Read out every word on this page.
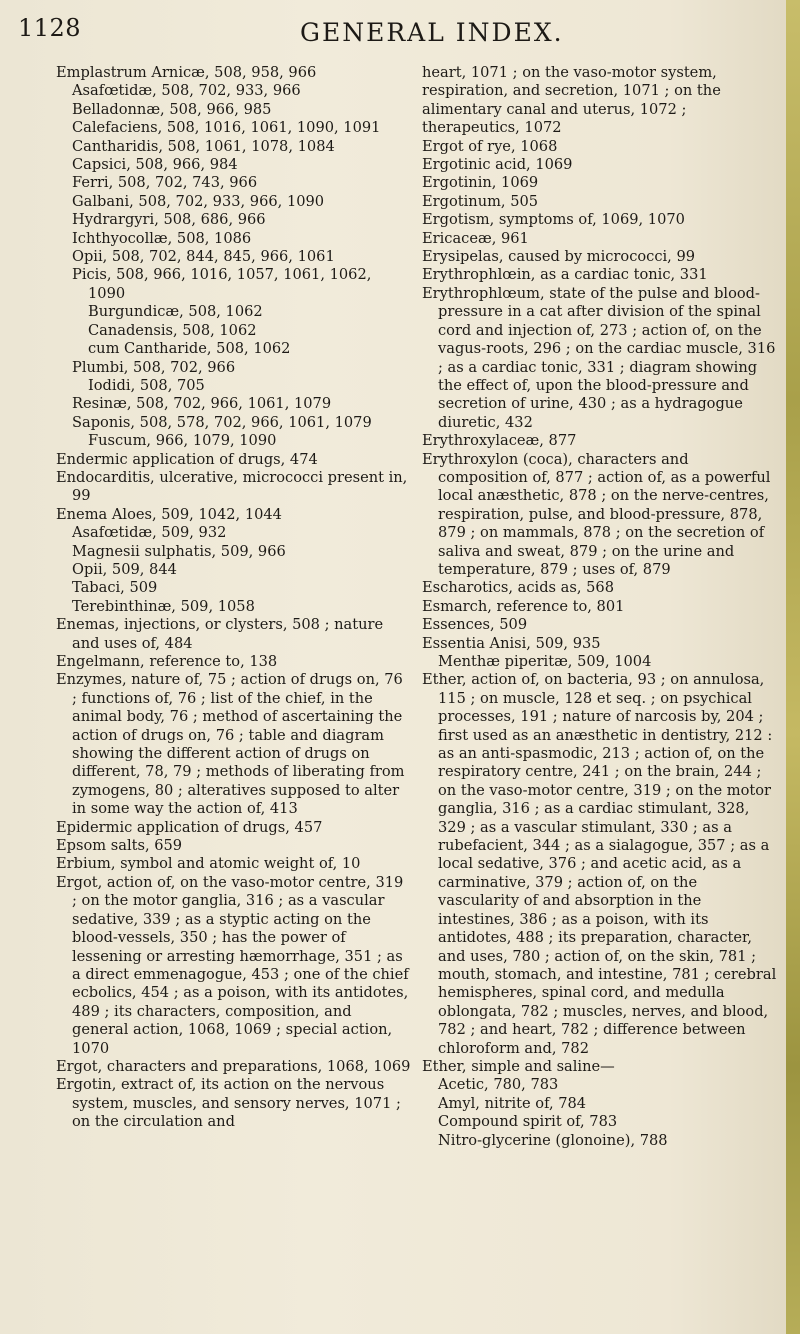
1128	GENERAL INDEX.
Emplastrum Arnicæ, 508, 958, 966
Asafœtidæ, 508, 702, 933, 966
Belladonnæ, 508, 966, 985
Calefaciens, 508, 1016, 1061, 1090, 1091
Cantharidis, 508, 1061, 1078, 1084
Capsici, 508, 966, 984
Ferri, 508, 702, 743, 966
Galbani, 508, 702, 933, 966, 1090
Hydrargyri, 508, 686, 966
Ichthyocollæ, 508, 1086
Opii, 508, 702, 844, 845, 966, 1061
Picis, 508, 966, 1016, 1057, 1061, 1062, 1090
Burgundicæ, 508, 1062
Canadensis, 508, 1062
cum Cantharide, 508, 1062
Plumbi, 508, 702, 966
Iodidi, 508, 705
Resinæ, 508, 702, 966, 1061, 1079
Saponis, 508, 578, 702, 966, 1061, 1079
Fuscum, 966, 1079, 1090
Endermic application of drugs, 474
Endocarditis, ulcerative, micrococci present in, 99
Enema Aloes, 509, 1042, 1044
Asafœtidæ, 509, 932
Magnesii sulphatis, 509, 966
Opii, 509, 844
Tabaci, 509
Terebinthinæ, 509, 1058
Enemas, injections, or clysters, 508 ; nature and uses of, 484
Engelmann, reference to, 138
Enzymes, nature of, 75 ; action of drugs on, 76 ; functions of, 76 ; list of the chief, in the animal body, 76 ; method of ascertaining the action of drugs on, 76 ; table and diagram showing the different action of drugs on different, 78, 79 ; methods of liberating from zymogens, 80 ; alteratives supposed to alter in some way the action of, 413
Epidermic application of drugs, 457
Epsom salts, 659
Erbium, symbol and atomic weight of, 10
Ergot, action of, on the vaso-motor centre, 319 ; on the motor ganglia, 316 ; as a vascular sedative, 339 ; as a styptic acting on the blood-vessels, 350 ; has the power of lessening or arresting hæmorrhage, 351 ; as a direct emmenagogue, 453 ; one of the chief ecbolics, 454 ; as a poison, with its antidotes, 489 ; its characters, composition, and general action, 1068, 1069 ; special action, 1070
Ergot, characters and preparations, 1068, 1069
Ergotin, extract of, its action on the nervous system, muscles, and sensory nerves, 1071 ; on the circulation and
heart, 1071 ; on the vaso-motor system, respiration, and secretion, 1071 ; on the alimentary canal and uterus, 1072 ; therapeutics, 1072
Ergot of rye, 1068
Ergotinic acid, 1069
Ergotinin, 1069
Ergotinum, 505
Ergotism, symptoms of, 1069, 1070
Ericaceæ, 961
Erysipelas, caused by micrococci, 99
Erythrophlœin, as a cardiac tonic, 331
Erythrophlœum, state of the pulse and blood-pressure in a cat after division of the spinal cord and injection of, 273 ; action of, on the vagus-roots, 296 ; on the cardiac muscle, 316 ; as a cardiac tonic, 331 ; diagram showing the effect of, upon the blood-pressure and secretion of urine, 430 ; as a hydragogue diuretic, 432
Erythroxylaceæ, 877
Erythroxylon (coca), characters and composition of, 877 ; action of, as a powerful local anæsthetic, 878 ; on the nerve-centres, respiration, pulse, and blood-pressure, 878, 879 ; on mammals, 878 ; on the secretion of saliva and sweat, 879 ; on the urine and temperature, 879 ; uses of, 879
Escharotics, acids as, 568
Esmarch, reference to, 801
Essences, 509
Essentia Anisi, 509, 935
Menthæ piperitæ, 509, 1004
Ether, action of, on bacteria, 93 ; on annulosa, 115 ; on muscle, 128 et seq. ; on psychical processes, 191 ; nature of narcosis by, 204 ; first used as an anæsthetic in dentistry, 212 : as an anti-spasmodic, 213 ; action of, on the respiratory centre, 241 ; on the brain, 244 ; on the vaso-motor centre, 319 ; on the motor ganglia, 316 ; as a cardiac stimulant, 328, 329 ; as a vascular stimulant, 330 ; as a rubefacient, 344 ; as a sialagogue, 357 ; as a local sedative, 376 ; and acetic acid, as a carminative, 379 ; action of, on the vascularity of and absorption in the intestines, 386 ; as a poison, with its antidotes, 488 ; its preparation, character, and uses, 780 ; action of, on the skin, 781 ; mouth, stomach, and intestine, 781 ; cerebral hemispheres, spinal cord, and medulla oblongata, 782 ; muscles, nerves, and blood, 782 ; and heart, 782 ; difference between chloroform and, 782
Ether, simple and saline—
Acetic, 780, 783
Amyl, nitrite of, 784
Compound spirit of, 783
Nitro-glycerine (glonoine), 788
